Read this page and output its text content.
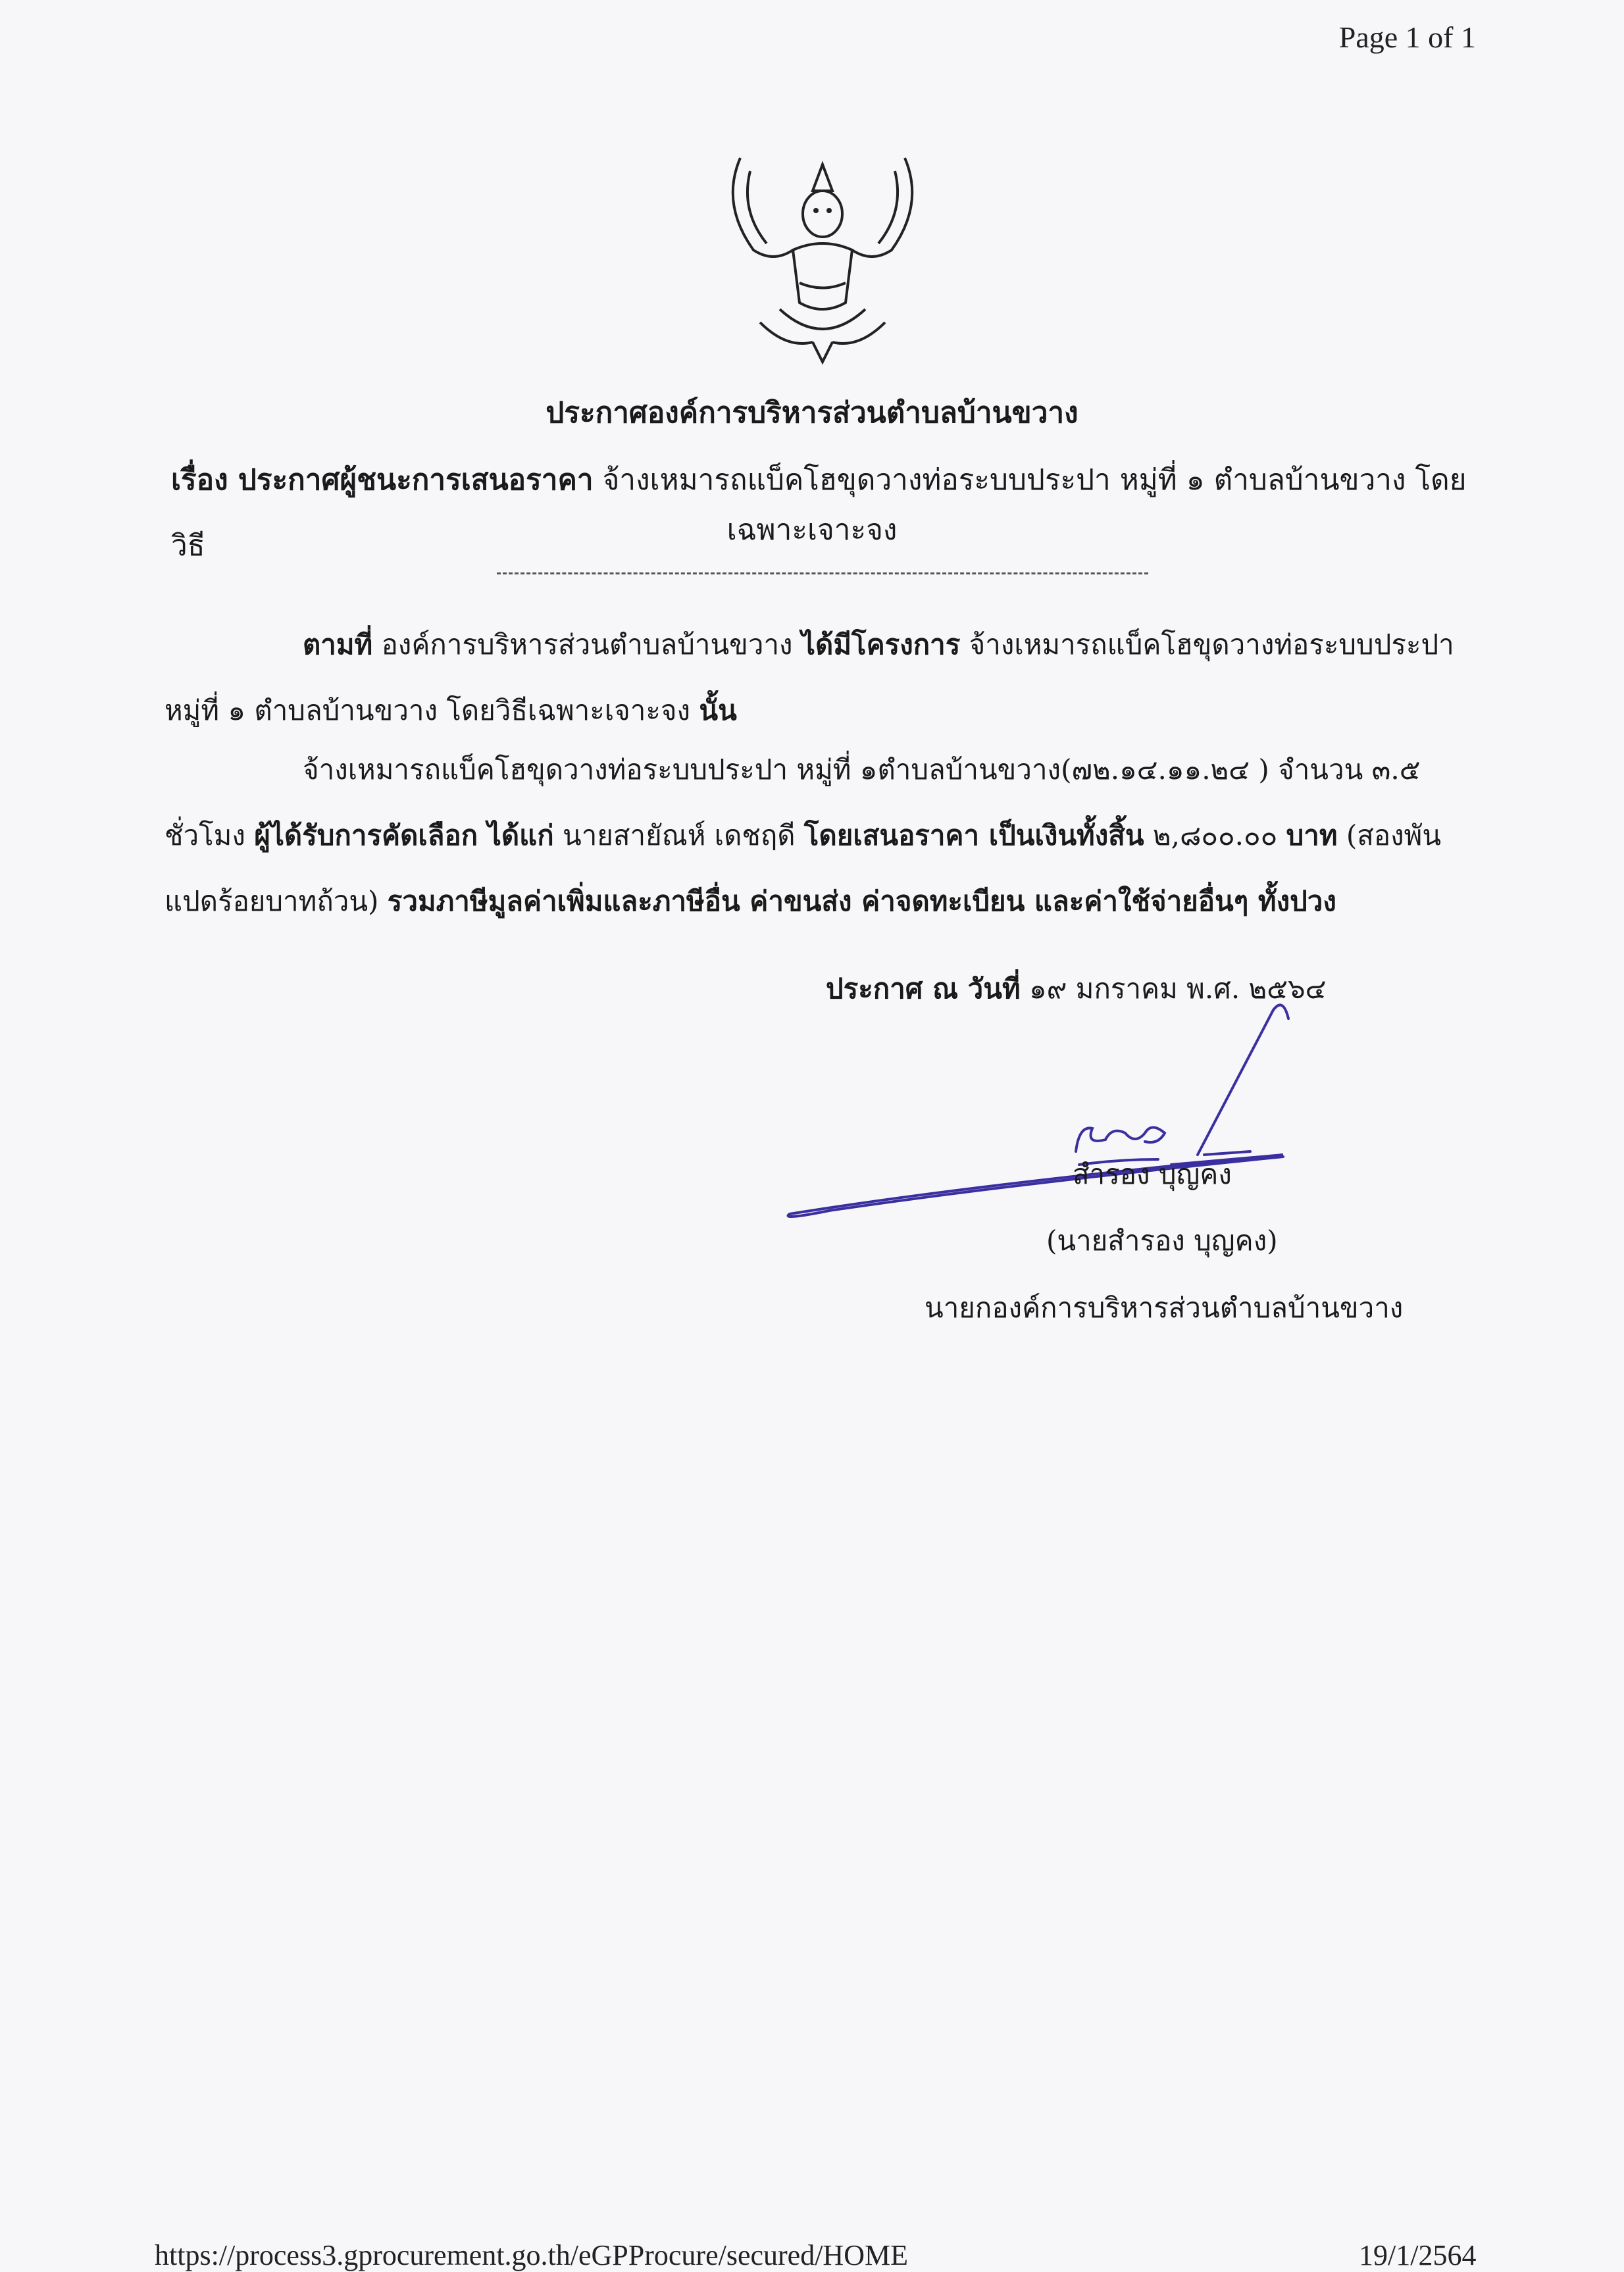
Page 1 of 1
ประกาศองค์การบริหารส่วนตำบลบ้านขวาง
เรื่อง ประกาศผู้ชนะการเสนอราคา จ้างเหมารถแบ็คโฮขุดวางท่อระบบประปา หมู่ที่ ๑ ตำบลบ้านขวาง โดยวิธี	เฉพาะเจาะจง
ตามที่ องค์การบริหารส่วนตำบลบ้านขวาง ได้มีโครงการ จ้างเหมารถแบ็คโฮขุดวางท่อระบบประปา หมู่ที่ ๑ ตำบลบ้านขวาง โดยวิธีเฉพาะเจาะจง นั้น
จ้างเหมารถแบ็คโฮขุดวางท่อระบบประปา หมู่ที่ ๑ตำบลบ้านขวาง(๗๒.๑๔.๑๑.๒๔ ) จำนวน ๓.๕ ชั่วโมง ผู้ได้รับการคัดเลือก ได้แก่ นายสายัณห์ เดชฤดี โดยเสนอราคา เป็นเงินทั้งสิ้น ๒,๘๐๐.๐๐ บาท (สองพันแปดร้อยบาทถ้วน) รวมภาษีมูลค่าเพิ่มและภาษีอื่น ค่าขนส่ง ค่าจดทะเบียน และค่าใช้จ่ายอื่นๆ ทั้งปวง
ประกาศ ณ วันที่ ๑๙ มกราคม พ.ศ. ๒๕๖๔
สำรอง บุญคง
(นายสำรอง บุญคง)
นายกองค์การบริหารส่วนตำบลบ้านขวาง
https://process3.gprocurement.go.th/eGPProcure/secured/HOME	19/1/2564
